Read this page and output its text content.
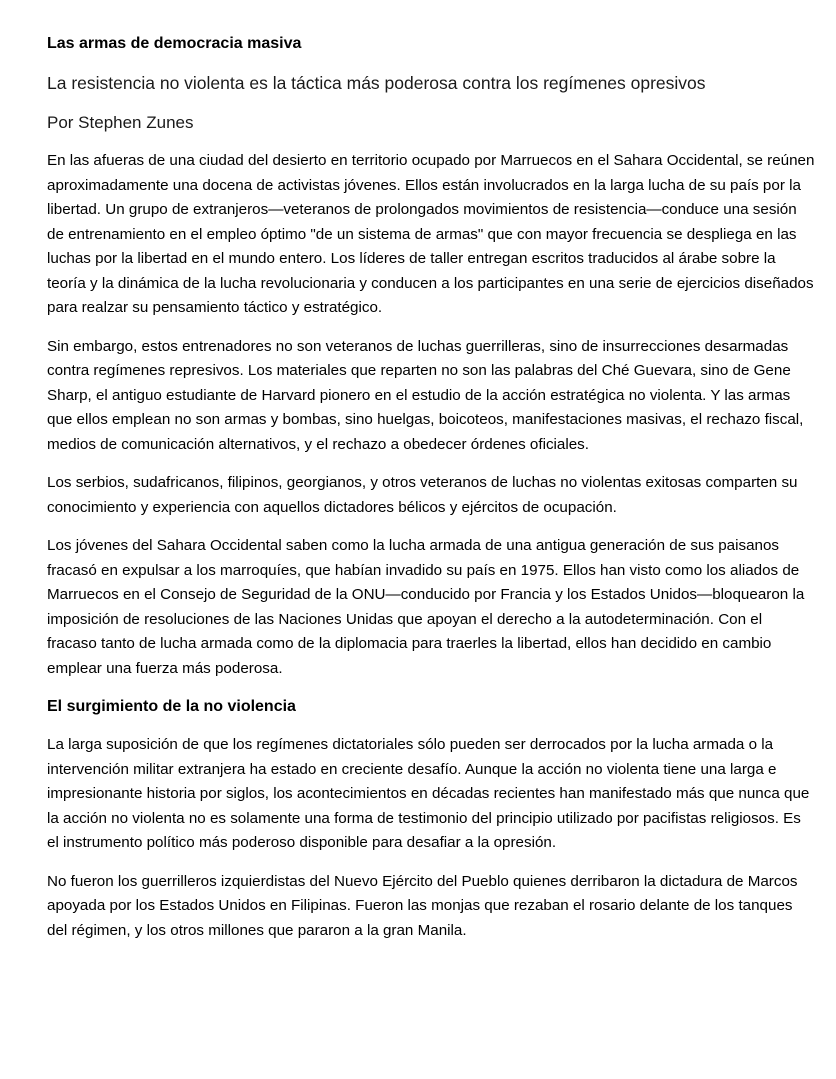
Las armas de democracia masiva
La resistencia no violenta es la táctica más poderosa contra los regímenes opresivos
Por Stephen Zunes

En las afueras de una ciudad del desierto en territorio ocupado por Marruecos en el Sahara Occidental, se reúnen aproximadamente una docena de activistas jóvenes. Ellos están involucrados en la larga lucha de su país por la libertad. Un grupo de extranjeros—veteranos de prolongados movimientos de resistencia—conduce una sesión de entrenamiento en el empleo óptimo "de un sistema de armas" que con mayor frecuencia se despliega en las luchas por la libertad en el mundo entero. Los líderes de taller entregan escritos traducidos al árabe sobre la teoría y la dinámica de la lucha revolucionaria y conducen a los participantes en una serie de ejercicios diseñados para realzar su pensamiento táctico y estratégico.

Sin embargo, estos entrenadores no son veteranos de luchas guerrilleras, sino de insurrecciones desarmadas contra regímenes represivos. Los materiales que reparten no son las palabras del Ché Guevara, sino de Gene Sharp, el antiguo estudiante de Harvard pionero en el estudio de la acción estratégica no violenta. Y las armas que ellos emplean no son armas y bombas, sino huelgas, boicoteos, manifestaciones masivas, el rechazo fiscal, medios de comunicación alternativos, y el rechazo a obedecer órdenes oficiales.

Los serbios, sudafricanos, filipinos, georgianos, y otros veteranos de luchas no violentas exitosas comparten su conocimiento y experiencia con aquellos dictadores bélicos y ejércitos de ocupación.

Los jóvenes del Sahara Occidental saben como la lucha armada de una antigua generación de sus paisanos fracasó en expulsar a los marroquíes, que habían invadido su país en 1975. Ellos han visto como los aliados de Marruecos en el Consejo de Seguridad de la ONU—conducido por Francia y los Estados Unidos—bloquearon la imposición de resoluciones de las Naciones Unidas que apoyan el derecho a la autodeterminación. Con el fracaso tanto de lucha armada como de la diplomacia para traerles la libertad, ellos han decidido en cambio emplear una fuerza más poderosa.

El surgimiento de la no violencia

La larga suposición de que los regímenes dictatoriales sólo pueden ser derrocados por la lucha armada o la intervención militar extranjera ha estado en creciente desafío. Aunque la acción no violenta tiene una larga e impresionante historia por siglos, los acontecimientos en décadas recientes han manifestado más que nunca que la acción no violenta no es solamente una forma de testimonio del principio utilizado por pacifistas religiosos. Es el instrumento político más poderoso disponible para desafiar a la opresión.

No fueron los guerrilleros izquierdistas del Nuevo Ejército del Pueblo quienes derribaron la dictadura de Marcos apoyada por los Estados Unidos en Filipinas. Fueron las monjas que rezaban el rosario delante de los tanques del régimen, y los otros millones que pararon a la gran Manila.
